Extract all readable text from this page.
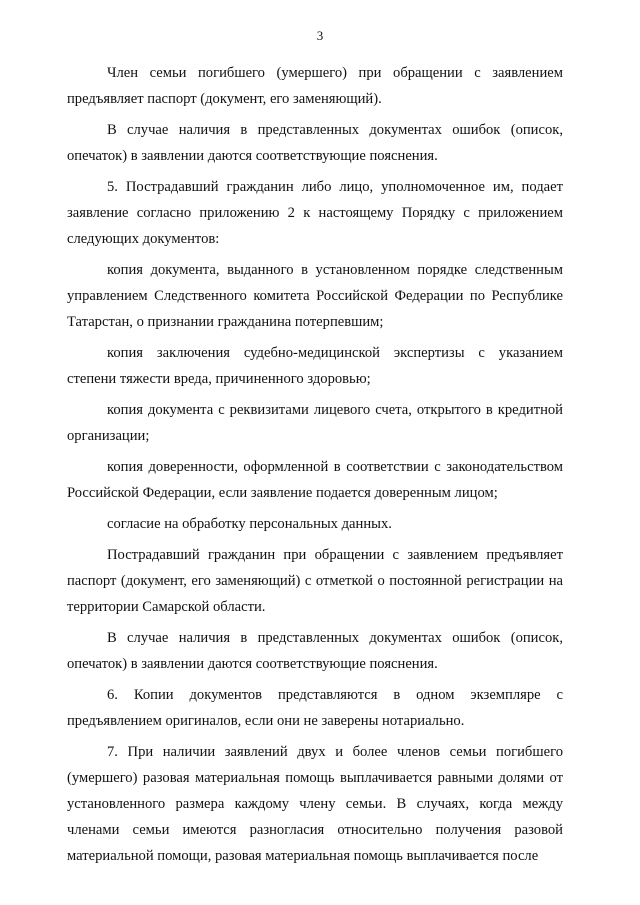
3

Член семьи погибшего (умершего) при обращении с заявлением предъявляет паспорт (документ, его заменяющий).

В случае наличия в представленных документах ошибок (описок, опечаток) в заявлении даются соответствующие пояснения.

5. Пострадавший гражданин либо лицо, уполномоченное им, подает заявление согласно приложению 2 к настоящему Порядку с приложением следующих документов:

копия документа, выданного в установленном порядке следственным управлением Следственного комитета Российской Федерации по Республике Татарстан, о признании гражданина потерпевшим;

копия заключения судебно-медицинской экспертизы с указанием степени тяжести вреда, причиненного здоровью;

копия документа с реквизитами лицевого счета, открытого в кредитной организации;

копия доверенности, оформленной в соответствии с законодательством Российской Федерации, если заявление подается доверенным лицом;

согласие на обработку персональных данных.

Пострадавший гражданин при обращении с заявлением предъявляет паспорт (документ, его заменяющий) с отметкой о постоянной регистрации на территории Самарской области.

В случае наличия в представленных документах ошибок (описок, опечаток) в заявлении даются соответствующие пояснения.

6. Копии документов представляются в одном экземпляре с предъявлением оригиналов, если они не заверены нотариально.

7. При наличии заявлений двух и более членов семьи погибшего (умершего) разовая материальная помощь выплачивается равными долями от установленного размера каждому члену семьи. В случаях, когда между членами семьи имеются разногласия относительно получения разовой материальной помощи, разовая материальная помощь выплачивается после
